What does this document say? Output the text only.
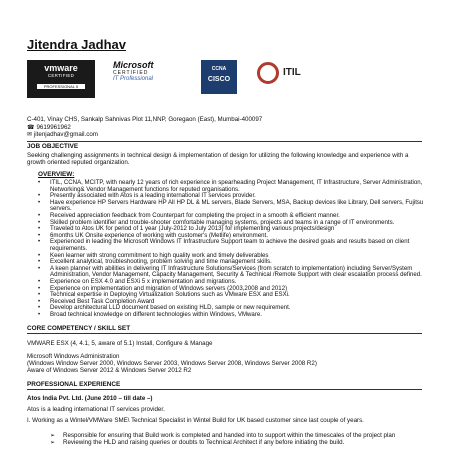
Jitendra Jadhav
vmware
CERTIFIED
PROFESSIONAL 5
Microsoft
CERTIFIED
IT Professional
CCNA
CISCO
ITIL
C-401, Vinay CHS, Sankalp Sahnivas Plot 11,NNP, Goregaon (East), Mumbai-400097
☎ 9619961962
✉ jitenjadhav@gmail.com
JOB OBJECTIVE
Seeking challenging assignments in technical design & implementation of design for utilizing the following knowledge and experience with a growth oriented reputed organization.
OVERVIEW:
• ITIL, CCNA, MCITP, with nearly 12 years of rich experience in spearheading Project Management, IT Infrastructure, Server Administration, Networking& Vendor Management functions for reputed organisations.
• Presently associated with Atos is a leading international IT services provider.
• Have experience HP Servers Hardware HP All HP DL & ML servers, Blade Servers, MSA, Backup devices like Library, Dell servers, Fujitsu servers.
• Received appreciation feedback from Counterpart for completing the project in a smooth & efficient manner.
• Skilled problem identifier and trouble-shooter comfortable managing systems, projects and teams in a range of IT environments.
• Traveled to Atos UK for period of 1 year (July-2012 to July 2013) for implementing various projects/design
• 6months UK Onsite experience of working with customer's (Metlife) environment.
• Experienced in leading the Microsoft Windows IT Infrastructure Support team to achieve the desired goals and results based on client requirements.
• Keen learner with strong commitment to high quality work and timely deliverables
• Excellent analytical, troubleshooting, problem solving and time management skills.
• A keen planner with abilities in delivering IT Infrastructure Solutions/Services (from scratch to implementation) including Server/System Administration, Vendor Management, Capacity Management, Security & Technical /Remote Support with clear escalation process defined.
• Experience on ESX 4.0 and ESXi 5 x implementation and migrations.
• Experience on implementation and migration of Windows servers (2003,2008 and 2012)
• Technical expertise in Deploying Virtualization Solutions such as VMware ESX and ESXi.
• Received Best Task Completion Award
• Develop architectural LLD document based on existing HLD, sample or new requirement.
• Broad technical knowledge on different technologies within Windows, VMware.
CORE COMPETENCY / SKILL SET
VMWARE ESX (4, 4.1, 5, aware of 5.1) Install, Configure & Manage
Microsoft Windows Administration
(Windows Window Server 2000, Windows Server 2003, Windows Server 2008, Windows Server 2008 R2)
Aware of Windows Server 2012 & Windows Server 2012 R2
PROFESSIONAL EXPERIENCE
Atos India Pvt. Ltd. (June 2010 – till date –)
Atos is a leading international IT services provider.
I. Working as a Wintel/VMWare SME\ Technical Specialist in Wintel Build for UK based customer since last couple of years.
➢ Responsible for ensuring that Build work is completed and handed into to support within the timescales of the project plan
➢ Reviewing the HLD and raising queries or doubts to Technical Architect if any before initiating the build.
